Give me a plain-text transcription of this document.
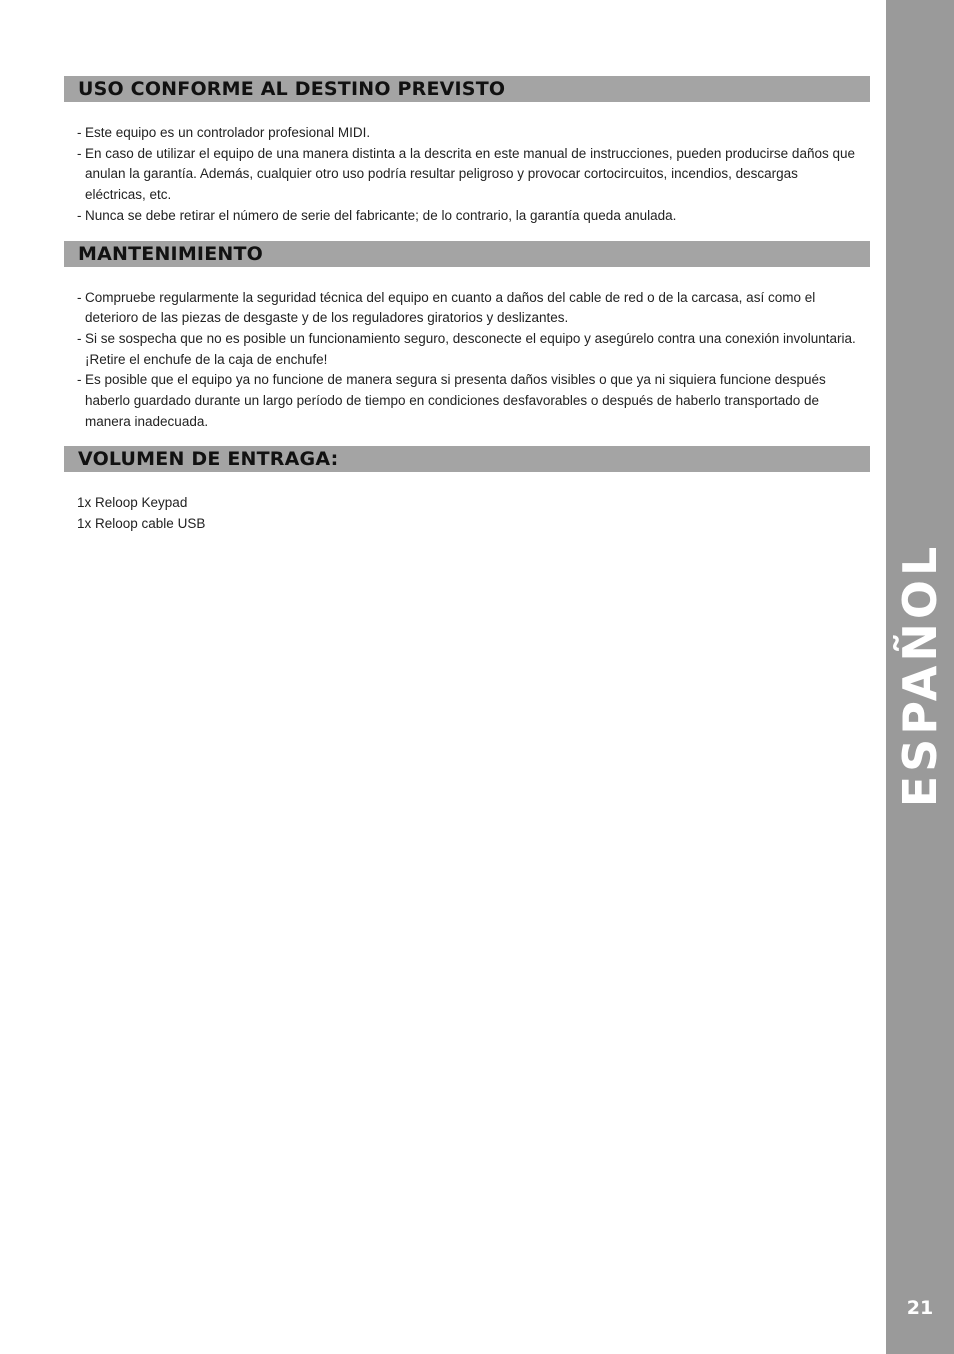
ESPAÑOL
21
USO CONFORME AL DESTINO PREVISTO
- Este equipo es un controlador profesional MIDI.
- En caso de utilizar el equipo de una manera distinta a la descrita en este manual de instrucciones, pueden producirse daños que anulan la garantía. Además, cualquier otro uso podría resultar peligroso y provocar cortocircuitos, incendios, descargas eléctricas, etc.
- Nunca se debe retirar el número de serie del fabricante; de lo contrario, la garantía queda anulada.
MANTENIMIENTO
- Compruebe regularmente la seguridad técnica del equipo en cuanto a daños del cable de red o de la carcasa, así como el deterioro de las piezas de desgaste y de los reguladores giratorios y deslizantes.
- Si se sospecha que no es posible un funcionamiento seguro, desconecte el equipo y asegúrelo contra una conexión involuntaria. ¡Retire el enchufe de la caja de enchufe!
- Es posible que el equipo ya no funcione de manera segura si presenta daños visibles o que ya ni siquiera funcione después haberlo guardado durante un largo período de tiempo en condiciones desfavorables o después de haberlo transportado de manera inadecuada.
VOLUMEN DE ENTRAGA:
1x Reloop Keypad
1x Reloop cable USB
